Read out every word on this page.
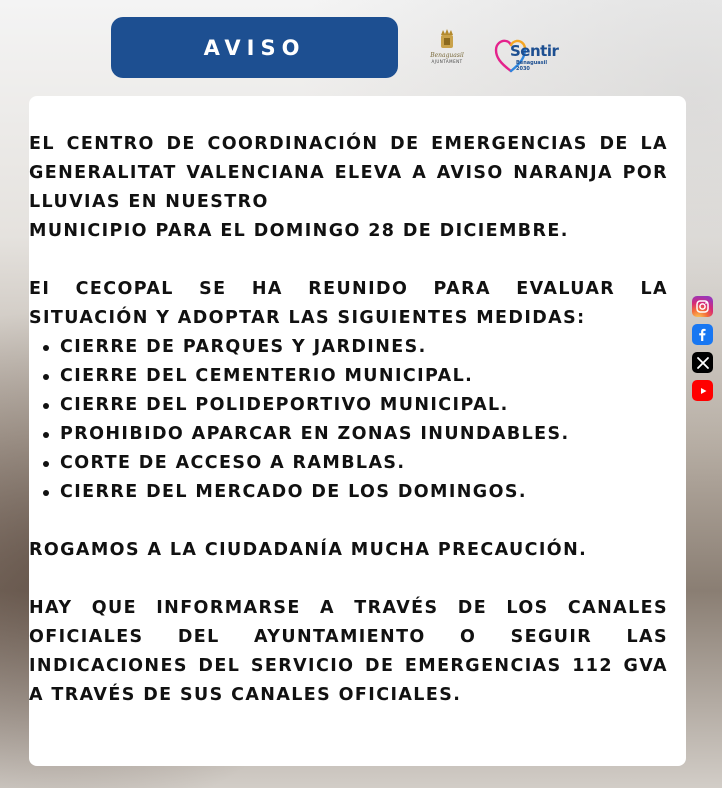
AVISO	Benaguasil
AJUNTAMENT
Sentir
Benaguasil 2030

EL CENTRO DE COORDINACIÓN DE EMERGENCIAS DE LA GENERALITAT VALENCIANA ELEVA A AVISO NARANJA POR LLUVIAS EN NUESTRO

MUNICIPIO PARA EL DOMINGO 28 DE DICIEMBRE.

EI CECOPAL SE HA REUNIDO PARA EVALUAR LA SITUACIÓN Y ADOPTAR LAS SIGUIENTES MEDIDAS:

CIERRE DE PARQUES Y JARDINES.
CIERRE DEL CEMENTERIO MUNICIPAL.
CIERRE DEL POLIDEPORTIVO MUNICIPAL.
PROHIBIDO APARCAR EN ZONAS INUNDABLES.
CORTE DE ACCESO A RAMBLAS.
CIERRE DEL MERCADO DE LOS DOMINGOS.

ROGAMOS A LA CIUDADANÍA MUCHA PRECAUCIÓN.

HAY QUE INFORMARSE A TRAVÉS DE LOS CANALES OFICIALES DEL AYUNTAMIENTO O SEGUIR LAS INDICACIONES DEL SERVICIO DE EMERGENCIAS 112 GVA A TRAVÉS DE SUS CANALES OFICIALES.
